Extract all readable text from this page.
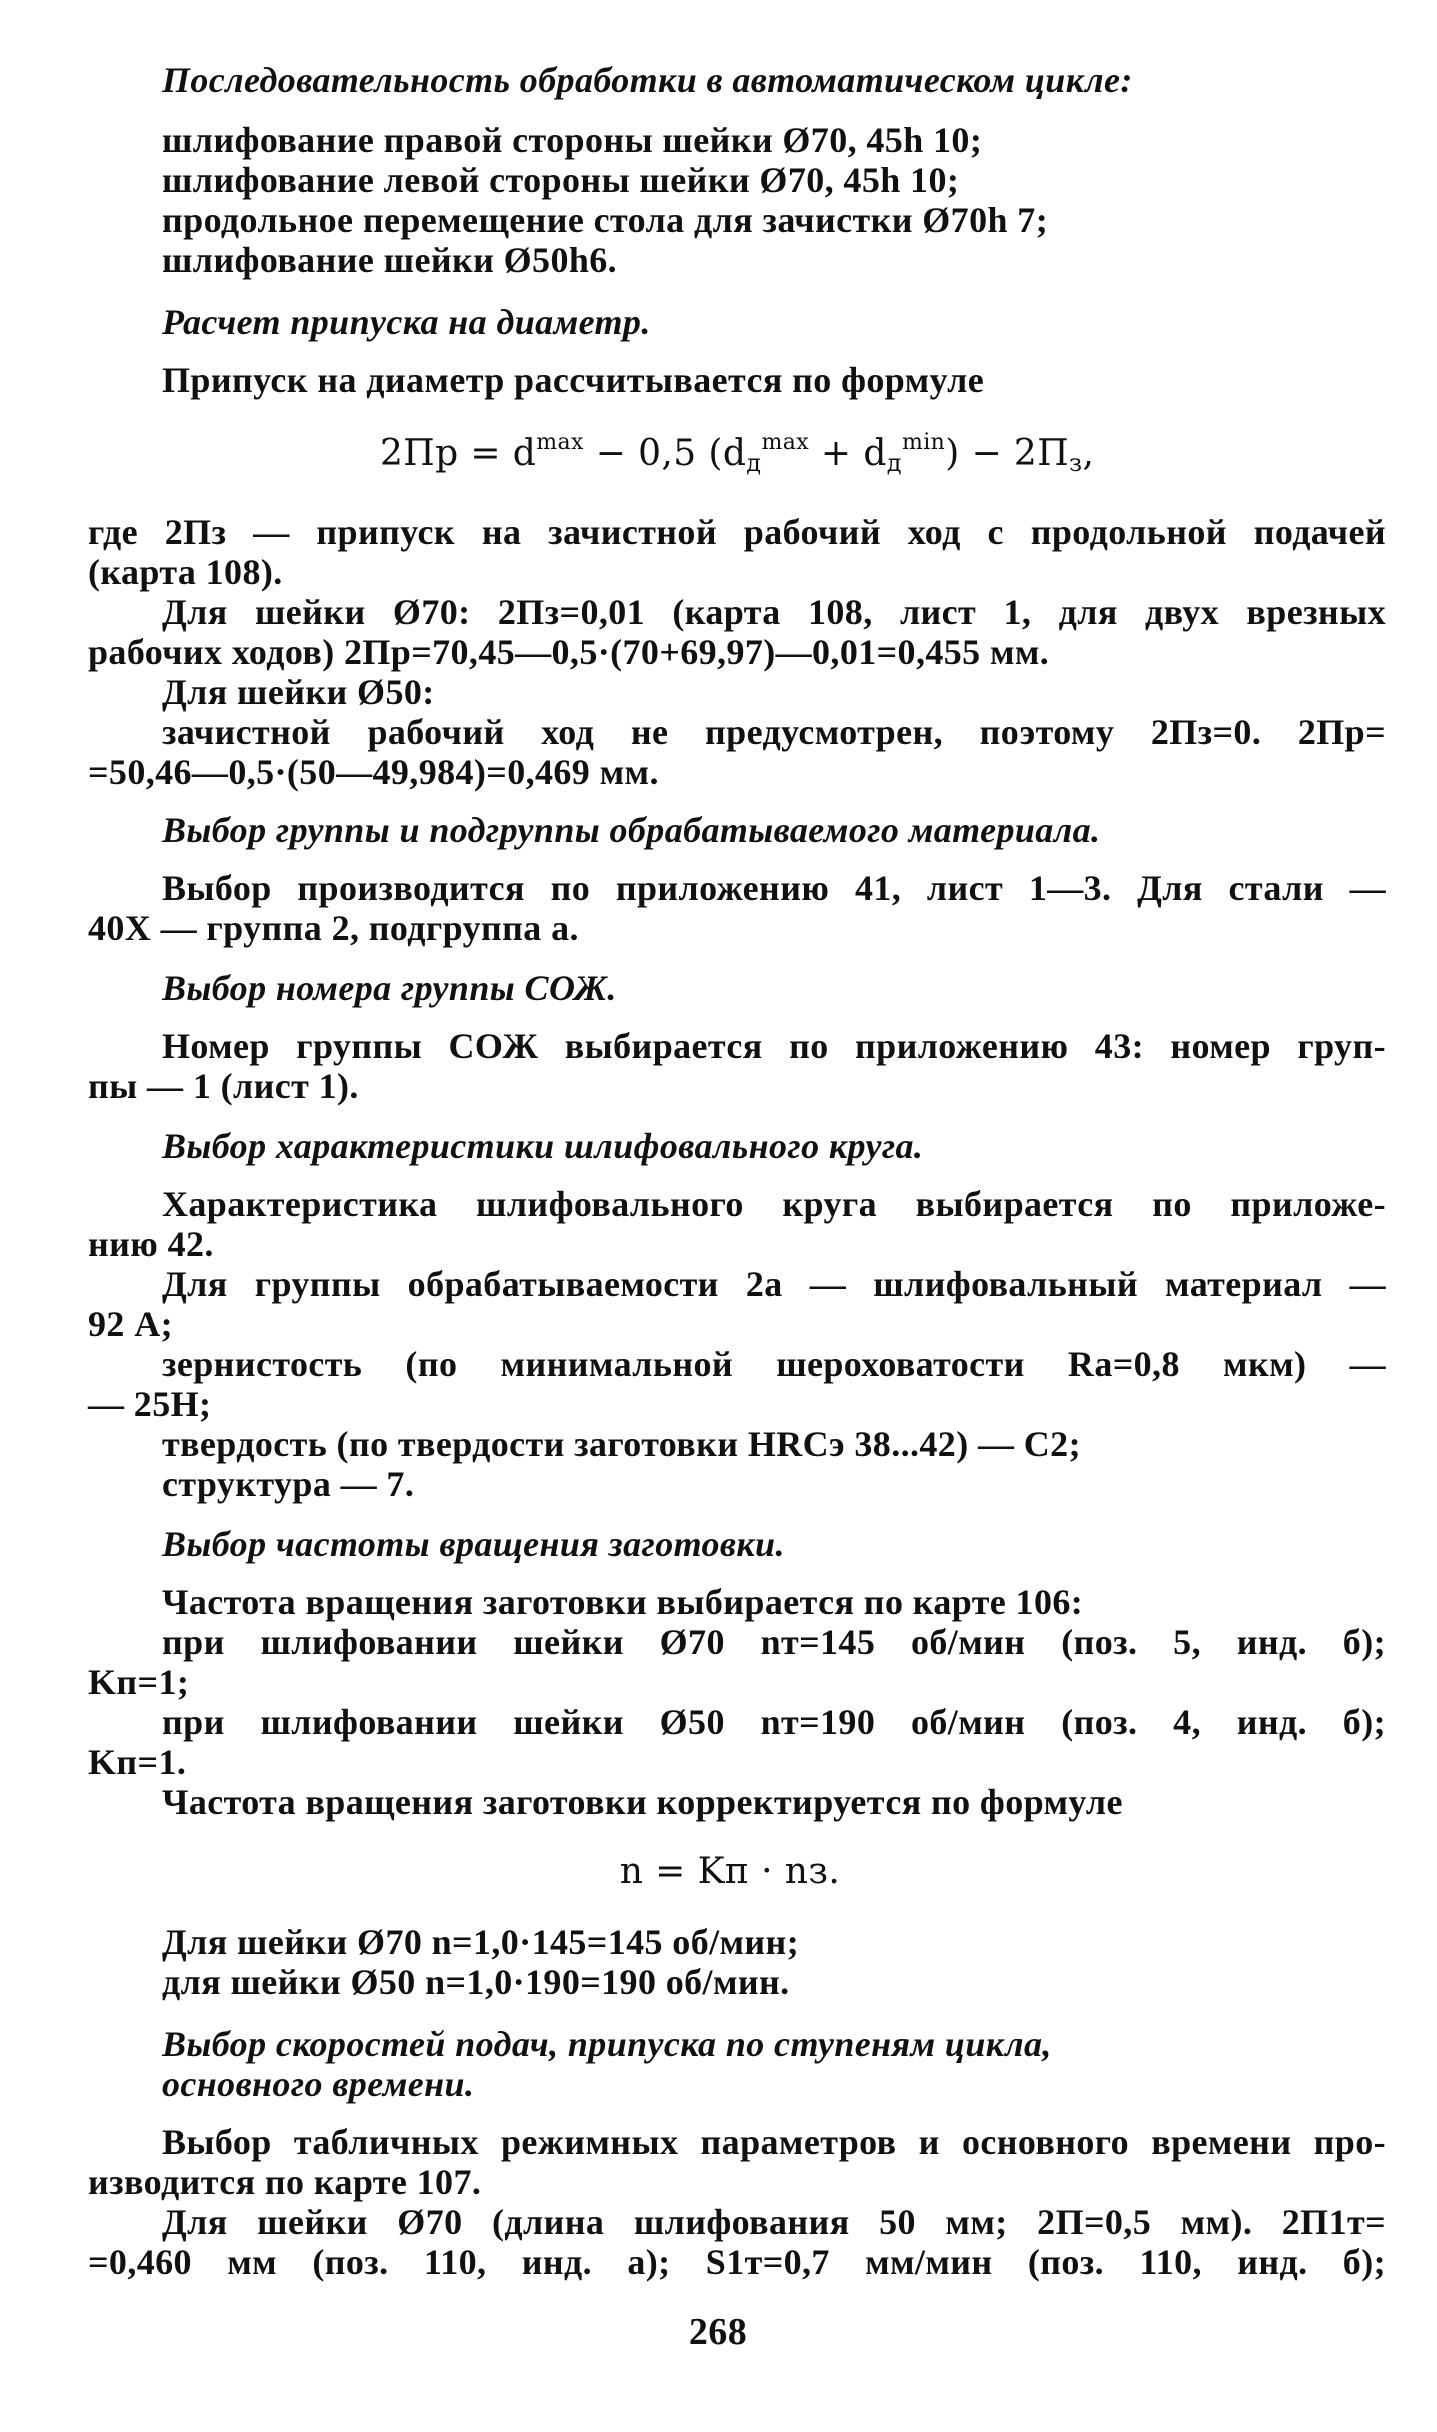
Последовательность обработки в автоматическом цикле:
шлифование правой стороны шейки Ø70, 45h 10;
шлифование левой стороны шейки Ø70, 45h 10;
продольное перемещение стола для зачистки Ø70h 7;
шлифование шейки Ø50h6.
Расчет припуска на диаметр.
Припуск на диаметр рассчитывается по формуле
$2Пр = d^{max} - 0,5$ $(d_д^{max} + d_д^{min}) - 2П_з$,
где 2Пз — припуск на зачистной рабочий ход с продольной подачей
(карта 108).
Для шейки Ø70: 2Пз=0,01 (карта 108, лист 1, для двух врезных
рабочих ходов) 2Пр=70,45—0,5·(70+69,97)—0,01=0,455 мм.
Для шейки Ø50:
зачистной рабочий ход не предусмотрен, поэтому 2Пз=0. 2Пр=
=50,46—0,5·(50—49,984)=0,469 мм.
Выбор группы и подгруппы обрабатываемого материала.
Выбор производится по приложению 41, лист 1—3. Для стали —
40Х — группа 2, подгруппа а.
Выбор номера группы СОЖ.
Номер группы СОЖ выбирается по приложению 43: номер груп-
пы — 1 (лист 1).
Выбор характеристики шлифовального круга.
Характеристика шлифовального круга выбирается по приложе-
нию 42.
Для группы обрабатываемости 2а — шлифовальный материал —
92 А;
зернистость (по минимальной шероховатости Ra=0,8 мкм) —
— 25Н;
твердость (по твердости заготовки HRCэ 38...42) — С2;
структура — 7.
Выбор частоты вращения заготовки.
Частота вращения заготовки выбирается по карте 106:
при шлифовании шейки Ø70 nт=145 об/мин (поз. 5, инд. б);
Kп=1;
при шлифовании шейки Ø50 nт=190 об/мин (поз. 4, инд. б);
Kп=1.
Частота вращения заготовки корректируется по формуле
n = Kп · nз.
Для шейки Ø70 n=1,0·145=145 об/мин;
для шейки Ø50 n=1,0·190=190 об/мин.
Выбор скоростей подач, припуска по ступеням цикла,
основного времени.
Выбор табличных режимных параметров и основного времени про-
изводится по карте 107.
Для шейки Ø70 (длина шлифования 50 мм; 2П=0,5 мм). 2П1т=
=0,460 мм (поз. 110, инд. а); S1т=0,7 мм/мин (поз. 110, инд. б);
268
